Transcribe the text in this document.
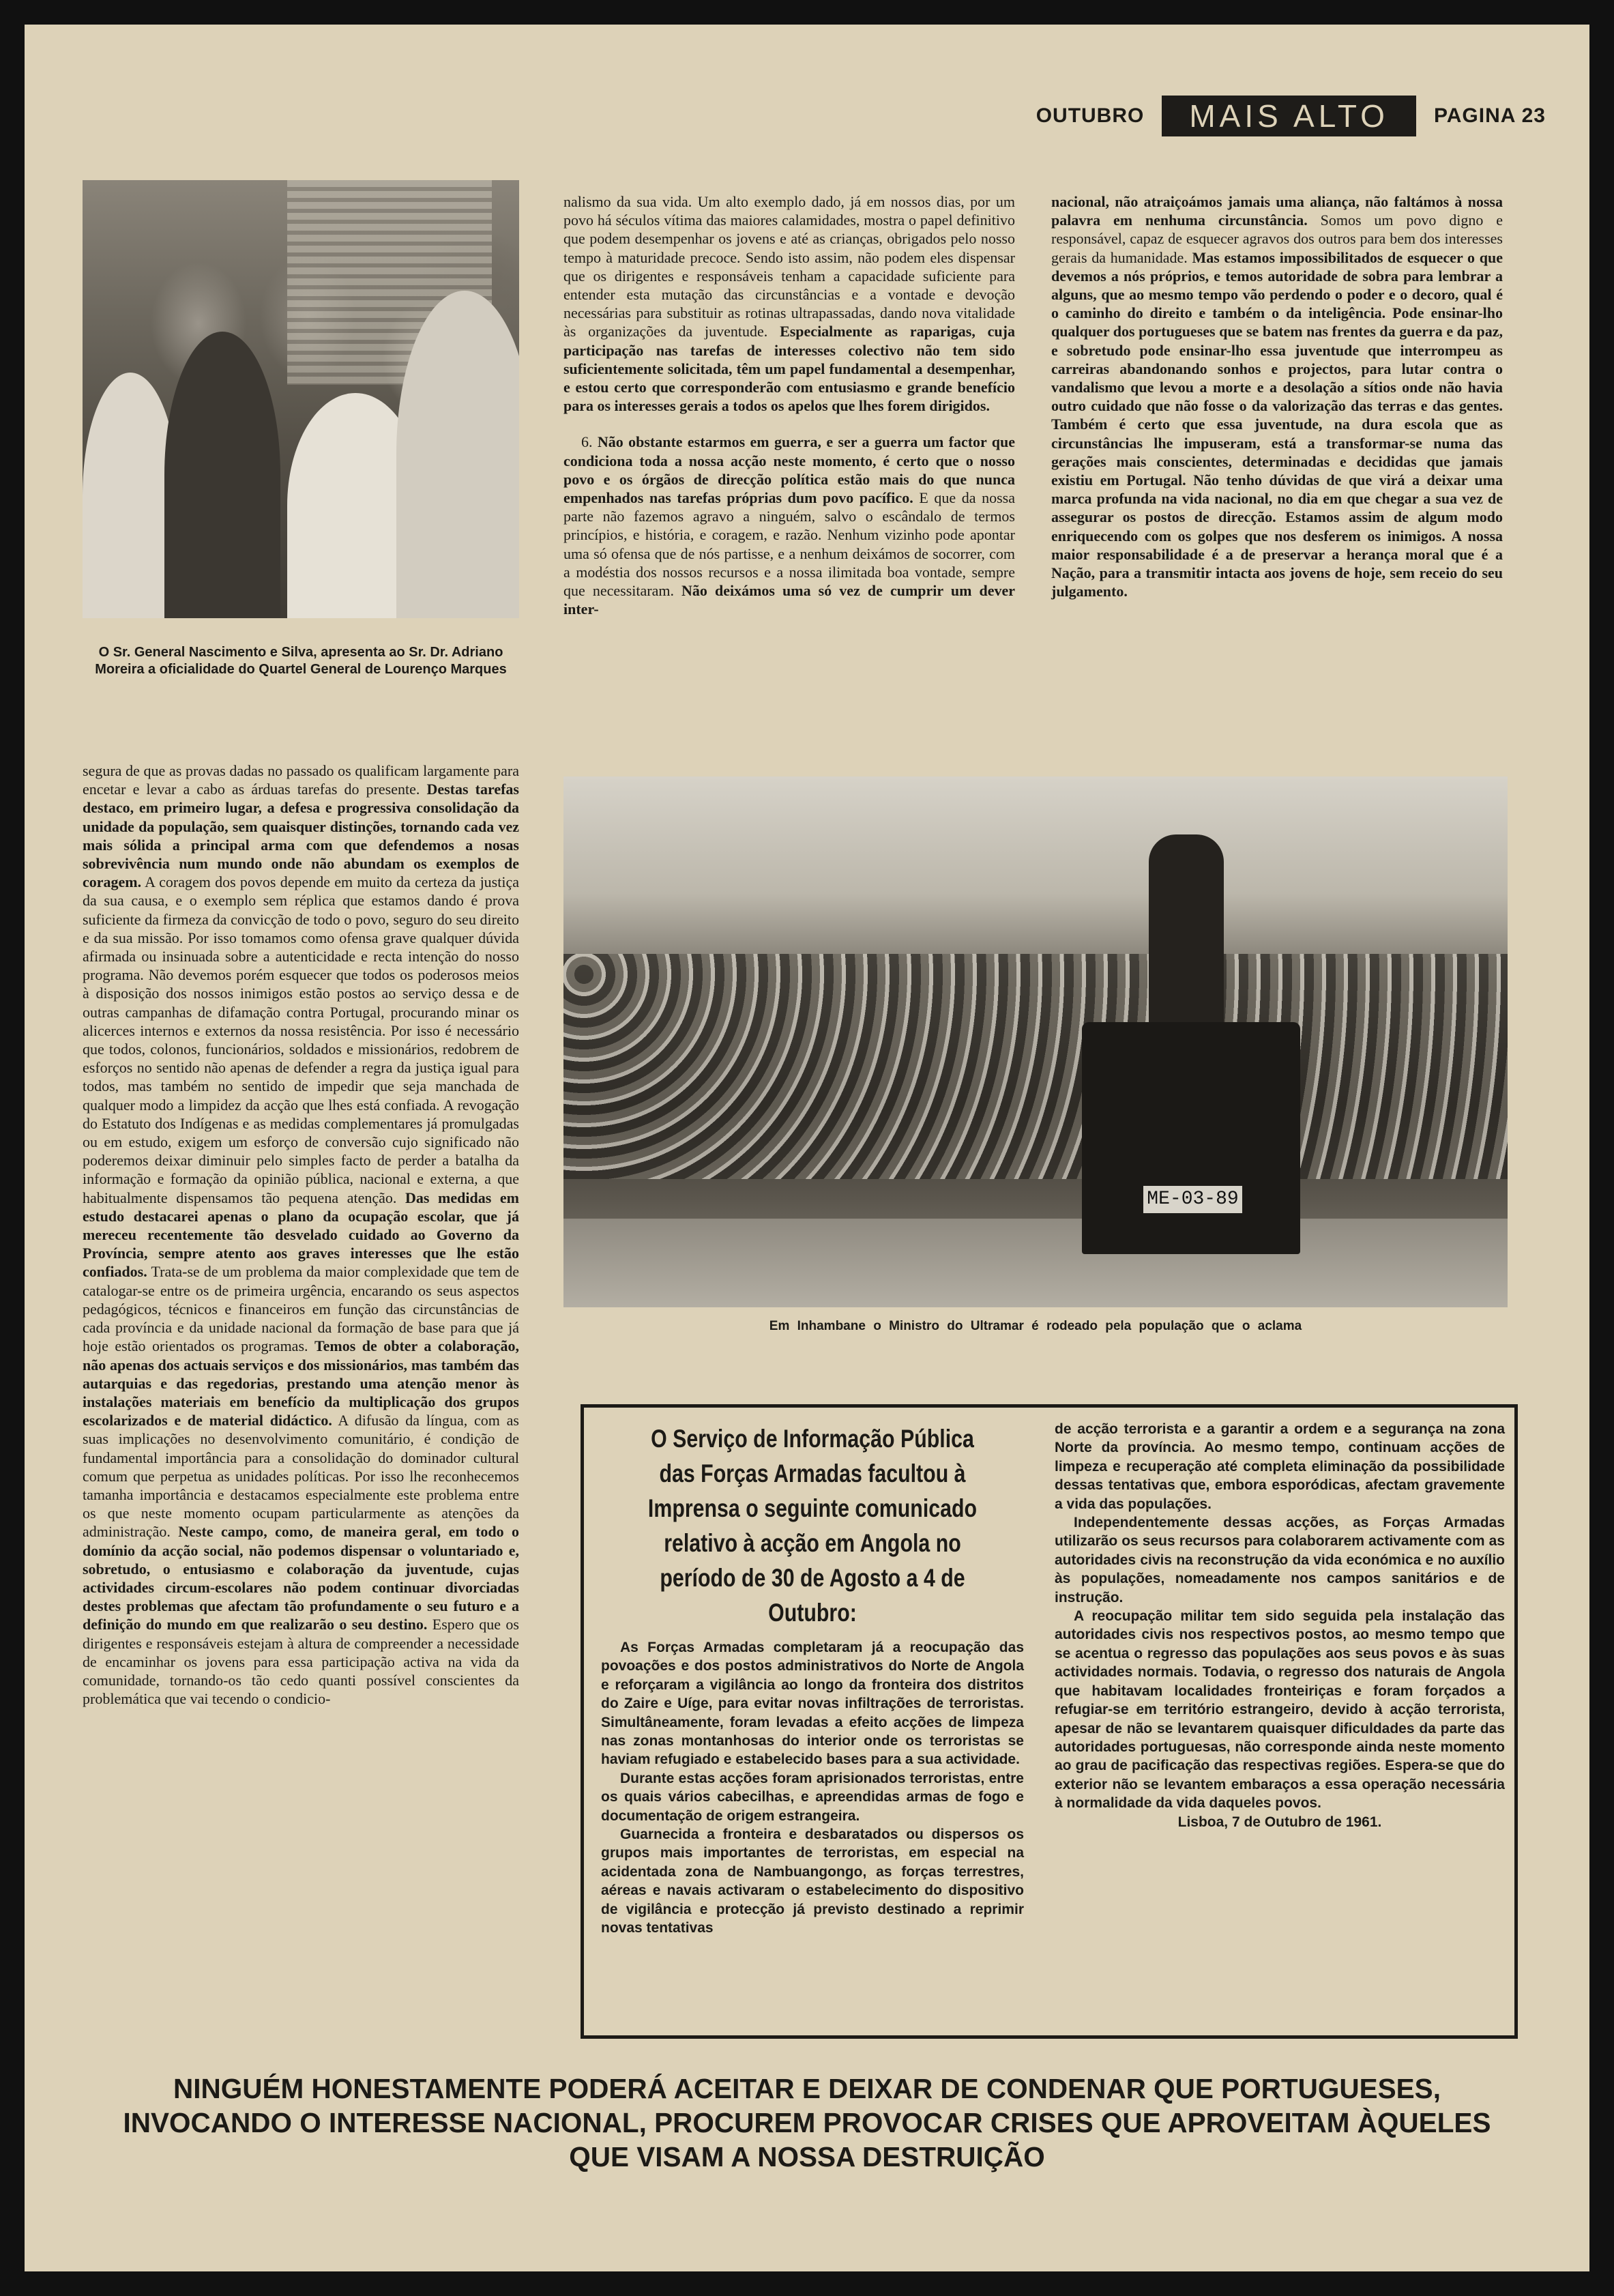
OUTUBRO	MAIS ALTO	PAGINA 23
O Sr. General Nascimento e Silva, apresenta ao Sr. Dr. Adriano Moreira a oficialidade do Quartel General de Lourenço Marques

segura de que as provas dadas no passado os qualificam largamente para encetar e levar a cabo as árduas tarefas do presente. Destas tarefas destaco, em primeiro lugar, a defesa e progressiva consolidação da unidade da população, sem quaisquer distinções, tornando cada vez mais sólida a principal arma com que defendemos a nosas sobrevivência num mundo onde não abundam os exemplos de coragem. A coragem dos povos depende em muito da certeza da justiça da sua causa, e o exemplo sem réplica que estamos dando é prova suficiente da firmeza da convicção de todo o povo, seguro do seu direito e da sua missão. Por isso tomamos como ofensa grave qualquer dúvida afirmada ou insinuada sobre a autenticidade e recta intenção do nosso programa. Não devemos porém esquecer que todos os poderosos meios à disposição dos nossos inimigos estão postos ao serviço dessa e de outras campanhas de difamação contra Portugal, procurando minar os alicerces internos e externos da nossa resistência. Por isso é necessário que todos, colonos, funcionários, soldados e missionários, redobrem de esforços no sentido não apenas de defender a regra da justiça igual para todos, mas também no sentido de impedir que seja manchada de qualquer modo a limpidez da acção que lhes está confiada. A revogação do Estatuto dos Indígenas e as medidas complementares já promulgadas ou em estudo, exigem um esforço de conversão cujo significado não poderemos deixar diminuir pelo simples facto de perder a batalha da informação e formação da opinião pública, nacional e externa, a que habitualmente dispensamos tão pequena atenção. Das medidas em estudo destacarei apenas o plano da ocupação escolar, que já mereceu recentemente tão desvelado cuidado ao Governo da Província, sempre atento aos graves interesses que lhe estão confiados. Trata-se de um problema da maior complexidade que tem de catalogar-se entre os de primeira urgência, encarando os seus aspectos pedagógicos, técnicos e financeiros em função das circunstâncias de cada província e da unidade nacional da formação de base para que já hoje estão orientados os programas. Temos de obter a colaboração, não apenas dos actuais serviços e dos missionários, mas também das autarquias e das regedorias, prestando uma atenção menor às instalações materiais em benefício da multiplicação dos grupos escolarizados e de material didáctico. A difusão da língua, com as suas implicações no desenvolvimento comunitário, é condição de fundamental importância para a consolidação do dominador cultural comum que perpetua as unidades políticas. Por isso lhe reconhecemos tamanha importância e destacamos especialmente este problema entre os que neste momento ocupam particularmente as atenções da administração. Neste campo, como, de maneira geral, em todo o domínio da acção social, não podemos dispensar o voluntariado e, sobretudo, o entusiasmo e colaboração da juventude, cujas actividades circum-escolares não podem continuar divorciadas destes problemas que afectam tão profundamente o seu futuro e a definição do mundo em que realizarão o seu destino. Espero que os dirigentes e responsáveis estejam à altura de compreender a necessidade de encaminhar os jovens para essa participação activa na vida da comunidade, tornando-os tão cedo quanti possível conscientes da problemática que vai tecendo o condicio-

nalismo da sua vida. Um alto exemplo dado, já em nossos dias, por um povo há séculos vítima das maiores calamidades, mostra o papel definitivo que podem desempenhar os jovens e até as crianças, obrigados pelo nosso tempo à maturidade precoce. Sendo isto assim, não podem eles dispensar que os dirigentes e responsáveis tenham a capacidade suficiente para entender esta mutação das circunstâncias e a vontade e devoção necessárias para substituir as rotinas ultrapassadas, dando nova vitalidade às organizações da juventude. Especialmente as raparigas, cuja participação nas tarefas de interesses colectivo não tem sido suficientemente solicitada, têm um papel fundamental a desempenhar, e estou certo que corresponderão com entusiasmo e grande benefício para os interesses gerais a todos os apelos que lhes forem dirigidos.

6. Não obstante estarmos em guerra, e ser a guerra um factor que condiciona toda a nossa acção neste momento, é certo que o nosso povo e os órgãos de direcção política estão mais do que nunca empenhados nas tarefas próprias dum povo pacífico. E que da nossa parte não fazemos agravo a ninguém, salvo o escândalo de termos princípios, e história, e coragem, e razão. Nenhum vizinho pode apontar uma só ofensa que de nós partisse, e a nenhum deixámos de socorrer, com a modéstia dos nossos recursos e a nossa ilimitada boa vontade, sempre que necessitaram. Não deixámos uma só vez de cumprir um dever inter-

nacional, não atraiçoámos jamais uma aliança, não faltámos à nossa palavra em nenhuma circunstância. Somos um povo digno e responsável, capaz de esquecer agravos dos outros para bem dos interesses gerais da humanidade. Mas estamos impossibilitados de esquecer o que devemos a nós próprios, e temos autoridade de sobra para lembrar a alguns, que ao mesmo tempo vão perdendo o poder e o decoro, qual é o caminho do direito e também o da inteligência. Pode ensinar-lho qualquer dos portugueses que se batem nas frentes da guerra e da paz, e sobretudo pode ensinar-lho essa juventude que interrompeu as carreiras abandonando sonhos e projectos, para lutar contra o vandalismo que levou a morte e a desolação a sítios onde não havia outro cuidado que não fosse o da valorização das terras e das gentes. Também é certo que essa juventude, na dura escola que as circunstâncias lhe impuseram, está a transformar-se numa das gerações mais conscientes, determinadas e decididas que jamais existiu em Portugal. Não tenho dúvidas de que virá a deixar uma marca profunda na vida nacional, no dia em que chegar a sua vez de assegurar os postos de direcção. Estamos assim de algum modo enriquecendo com os golpes que nos desferem os inimigos. A nossa maior responsabilidade é a de preservar a herança moral que é a Nação, para a transmitir intacta aos jovens de hoje, sem receio do seu julgamento.

ME-03-89
Em Inhambane o Ministro do Ultramar é rodeado pela população que o aclama
O Serviço de Informação Pública das Forças Armadas facultou à Imprensa o seguinte comunicado relativo à acção em Angola no período de 30 de Agosto a 4 de Outubro:

As Forças Armadas completaram já a reocupação das povoações e dos postos administrativos do Norte de Angola e reforçaram a vigilância ao longo da fronteira dos distritos do Zaire e Uíge, para evitar novas infiltrações de terroristas. Simultâneamente, foram levadas a efeito acções de limpeza nas zonas montanhosas do interior onde os terroristas se haviam refugiado e estabelecido bases para a sua actividade.

Durante estas acções foram aprisionados terroristas, entre os quais vários cabecilhas, e apreendidas armas de fogo e documentação de origem estrangeira.

Guarnecida a fronteira e desbaratados ou dispersos os grupos mais importantes de terroristas, em especial na acidentada zona de Nambuangongo, as forças terrestres, aéreas e navais activaram o estabelecimento do dispositivo de vigilância e protecção já previsto destinado a reprimir novas tentativas

de acção terrorista e a garantir a ordem e a segurança na zona Norte da província. Ao mesmo tempo, continuam acções de limpeza e recuperação até completa eliminação da possibilidade dessas tentativas que, embora esporódicas, afectam gravemente a vida das populações.

Independentemente dessas acções, as Forças Armadas utilizarão os seus recursos para colaborarem activamente com as autoridades civis na reconstrução da vida económica e no auxílio às populações, nomeadamente nos campos sanitários e de instrução.

A reocupação militar tem sido seguida pela instalação das autoridades civis nos respectivos postos, ao mesmo tempo que se acentua o regresso das populações aos seus povos e às suas actividades normais. Todavia, o regresso dos naturais de Angola que habitavam localidades fronteiriças e foram forçados a refugiar-se em território estrangeiro, devido à acção terrorista, apesar de não se levantarem quaisquer dificuldades da parte das autoridades portuguesas, não corresponde ainda neste momento ao grau de pacificação das respectivas regiões. Espera-se que do exterior não se levantem embaraços a essa operação necessária à normalidade da vida daqueles povos.

Lisboa, 7 de Outubro de 1961.

NINGUÉM HONESTAMENTE PODERÁ ACEITAR E DEIXAR DE CONDENAR QUE PORTUGUESES, INVOCANDO O INTERESSE NACIONAL, PROCUREM PROVOCAR CRISES QUE APROVEITAM ÀQUELES QUE VISAM A NOSSA DESTRUIÇÃO
